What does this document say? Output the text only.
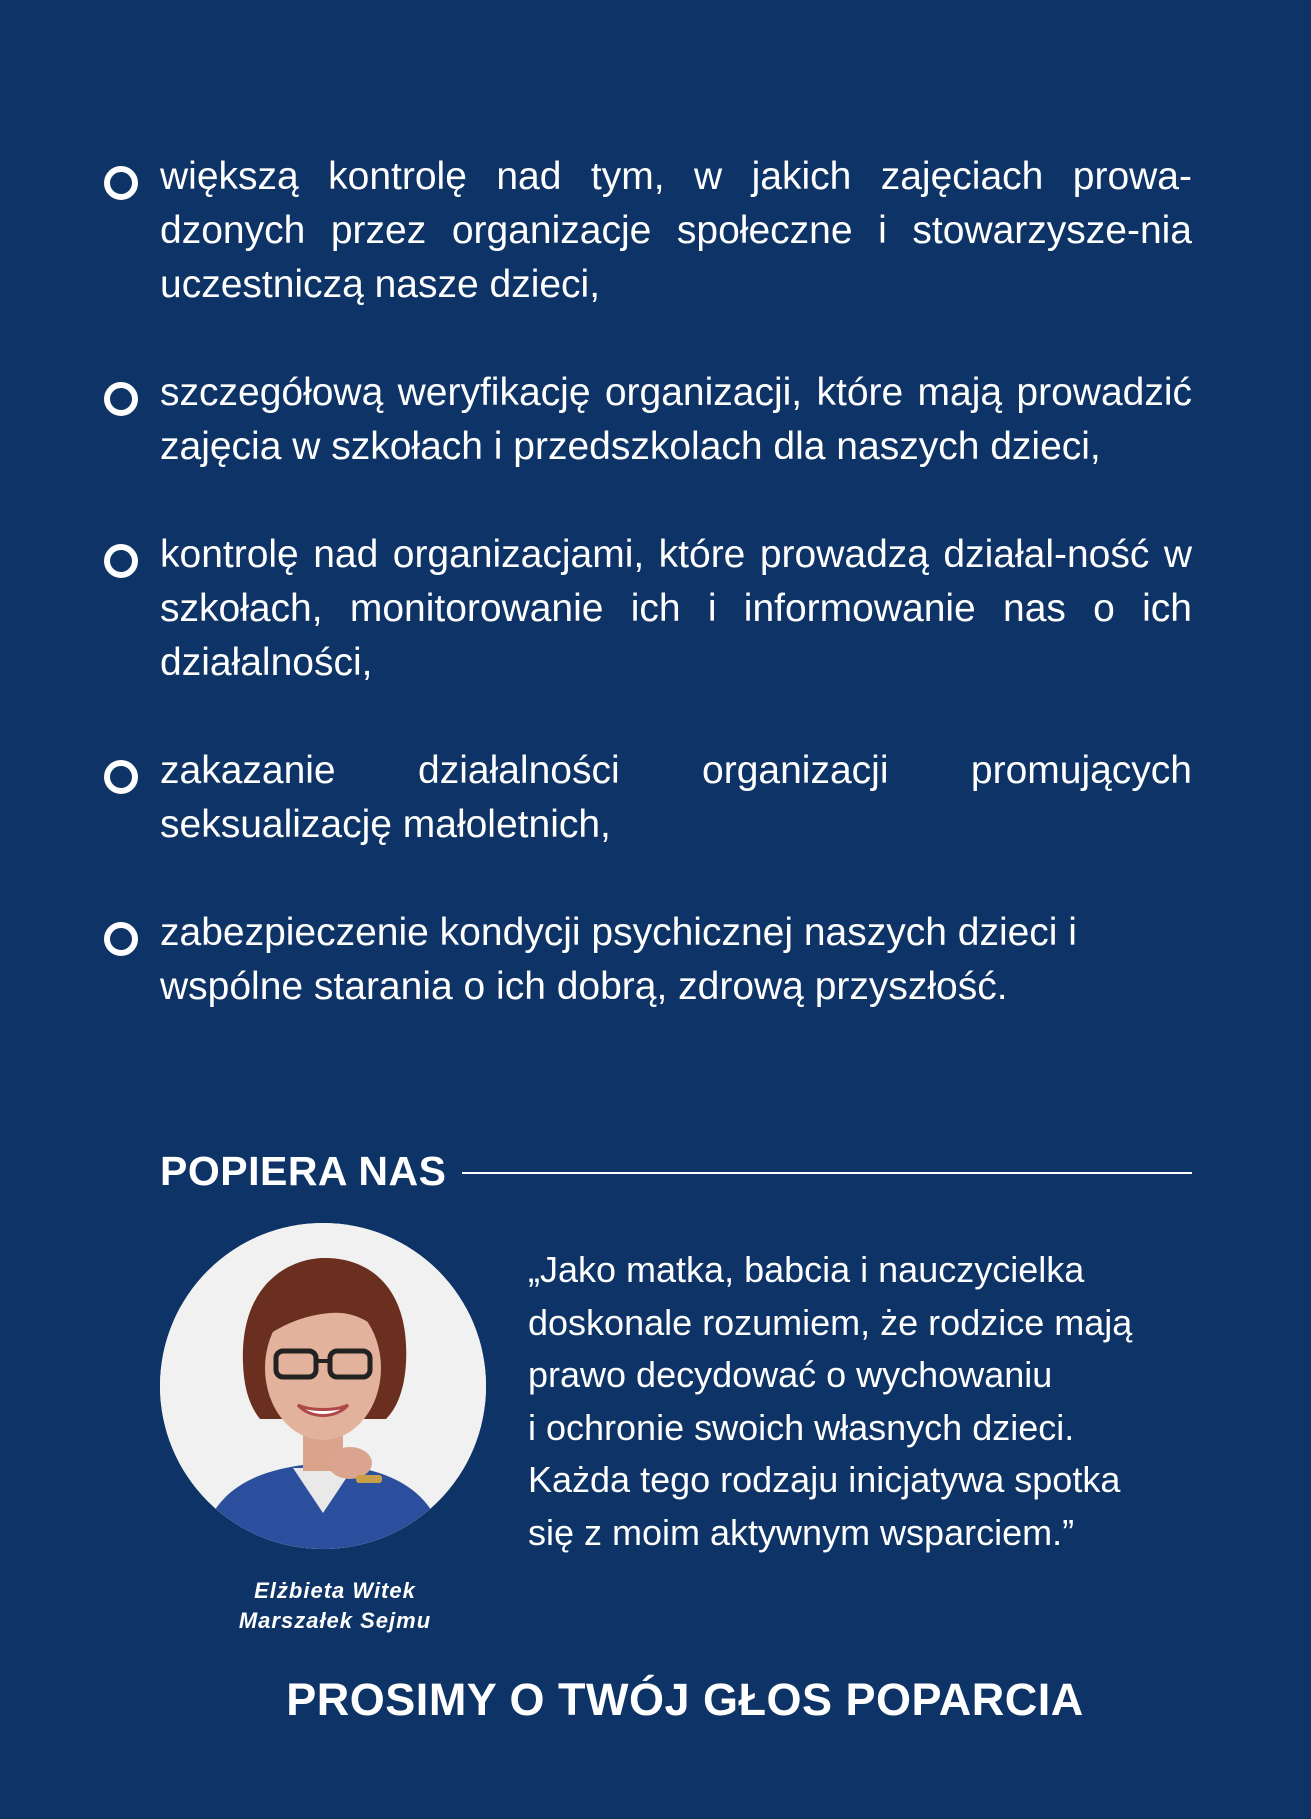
większą kontrolę nad tym, w jakich zajęciach prowa-dzonych przez organizacje społeczne i stowarzysze-nia uczestniczą nasze dzieci,
szczegółową weryfikację organizacji, które mają prowadzić zajęcia w szkołach i przedszkolach dla naszych dzieci,
kontrolę nad organizacjami, które prowadzą działal-ność w szkołach, monitorowanie ich i informowanie nas o ich działalności,
zakazanie działalności organizacji promujących seksualizację małoletnich,
zabezpieczenie kondycji psychicznej naszych dzieci i wspólne starania o ich dobrą, zdrową przyszłość.
POPIERA NAS
Elżbieta Witek
Marszałek Sejmu
„Jako matka, babcia i nauczycielka
doskonale rozumiem, że rodzice mają
prawo decydować o wychowaniu
i ochronie swoich własnych dzieci.
Każda tego rodzaju inicjatywa spotka
się z moim aktywnym wsparciem.”
PROSIMY O TWÓJ GŁOS POPARCIA
